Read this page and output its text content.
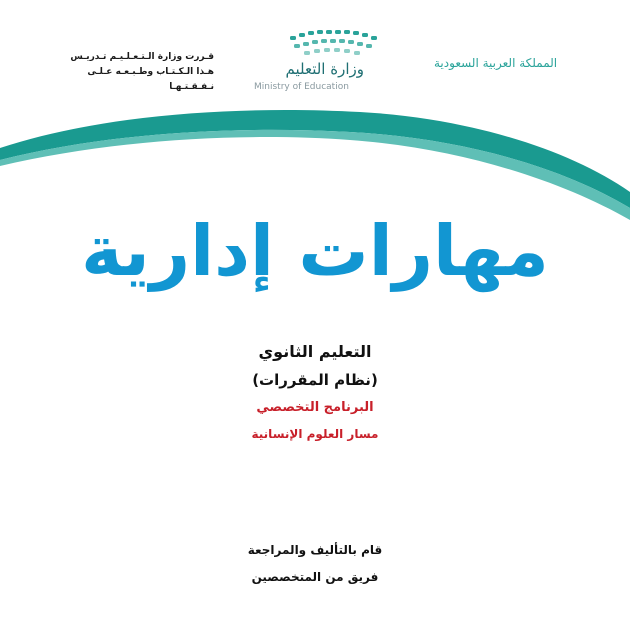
المملكة العربية السعودية
وزارة التعليم
Ministry of Education
قـررت وزارة الـتـعـلـيـم تـدريـس
هـذا الـكـتـاب وطـبـعـه عـلـى نـفـقـتـهـا
مهارات إدارية
التعليم الثانوي
(نظام المقررات)
البرنامج التخصصي
مسار العلوم الإنسانية
قام بالتأليف والمراجعة
فريق من المتخصصين
